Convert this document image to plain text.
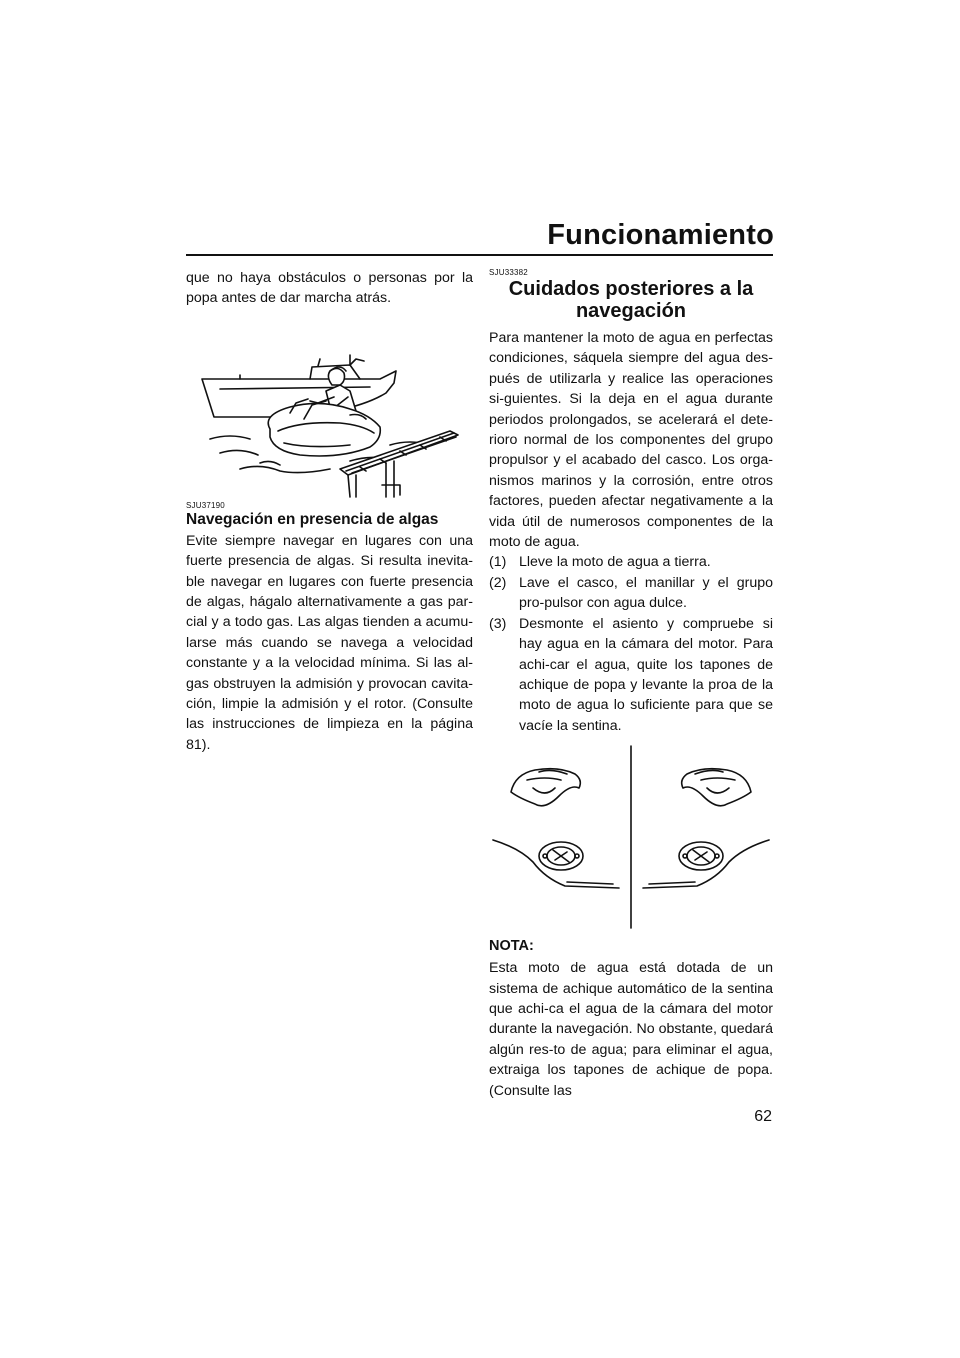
Funcionamiento

que no haya obstáculos o personas por la popa antes de dar marcha atrás.

SJU37190

Navegación en presencia de algas

Evite siempre navegar en lugares con una fuerte presencia de algas. Si resulta inevita-ble navegar en lugares con fuerte presencia de algas, hágalo alternativamente a gas par-cial y a todo gas. Las algas tienden a acumu-larse más cuando se navega a velocidad constante y a la velocidad mínima. Si las al-gas obstruyen la admisión y provocan cavita-ción, limpie la admisión y el rotor. (Consulte las instrucciones de limpieza en la página 81).

SJU33382

Cuidados posteriores a la navegación

Para mantener la moto de agua en perfectas condiciones, sáquela siempre del agua des-pués de utilizarla y realice las operaciones si-guientes. Si la deja en el agua durante periodos prolongados, se acelerará el dete-rioro normal de los componentes del grupo propulsor y el acabado del casco. Los orga-nismos marinos y la corrosión, entre otros factores, pueden afectar negativamente a la vida útil de numerosos componentes de la moto de agua.

(1) Lleve la moto de agua a tierra.
(2) Lave el casco, el manillar y el grupo pro-pulsor con agua dulce.
(3) Desmonte el asiento y compruebe si hay agua en la cámara del motor. Para achi-car el agua, quite los tapones de achique de popa y levante la proa de la moto de agua lo suficiente para que se vacíe la sentina.

NOTA:

Esta moto de agua está dotada de un sistema de achique automático de la sentina que achi-ca el agua de la cámara del motor durante la navegación. No obstante, quedará algún res-to de agua; para eliminar el agua, extraiga los tapones de achique de popa. (Consulte las

62
